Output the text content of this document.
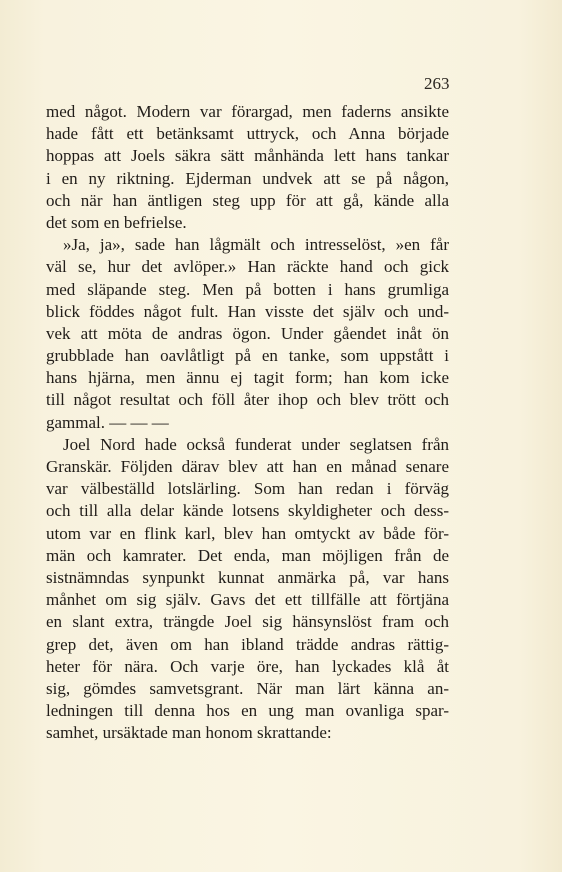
263
med något. Modern var förargad, men faderns ansikte
hade fått ett betänksamt uttryck, och Anna började
hoppas att Joels säkra sätt månhända lett hans tankar
i en ny riktning. Ejderman undvek att se på någon,
och när han äntligen steg upp för att gå, kände alla
det som en befrielse.
»Ja, ja», sade han lågmält och intresselöst, »en får
väl se, hur det avlöper.» Han räckte hand och gick
med släpande steg. Men på botten i hans grumliga
blick föddes något fult. Han visste det själv och und-
vek att möta de andras ögon. Under gåendet inåt ön
grubblade han oavlåtligt på en tanke, som uppstått i
hans hjärna, men ännu ej tagit form; han kom icke
till något resultat och föll åter ihop och blev trött och
gammal. — — —
Joel Nord hade också funderat under seglatsen från
Granskär. Följden därav blev att han en månad senare
var välbeställd lotslärling. Som han redan i förväg
och till alla delar kände lotsens skyldigheter och dess-
utom var en flink karl, blev han omtyckt av både för-
män och kamrater. Det enda, man möjligen från de
sistnämndas synpunkt kunnat anmärka på, var hans
månhet om sig själv. Gavs det ett tillfälle att förtjäna
en slant extra, trängde Joel sig hänsynslöst fram och
grep det, även om han ibland trädde andras rättig-
heter för nära. Och varje öre, han lyckades klå åt
sig, gömdes samvetsgrant. När man lärt känna an-
ledningen till denna hos en ung man ovanliga spar-
samhet, ursäktade man honom skrattande:
